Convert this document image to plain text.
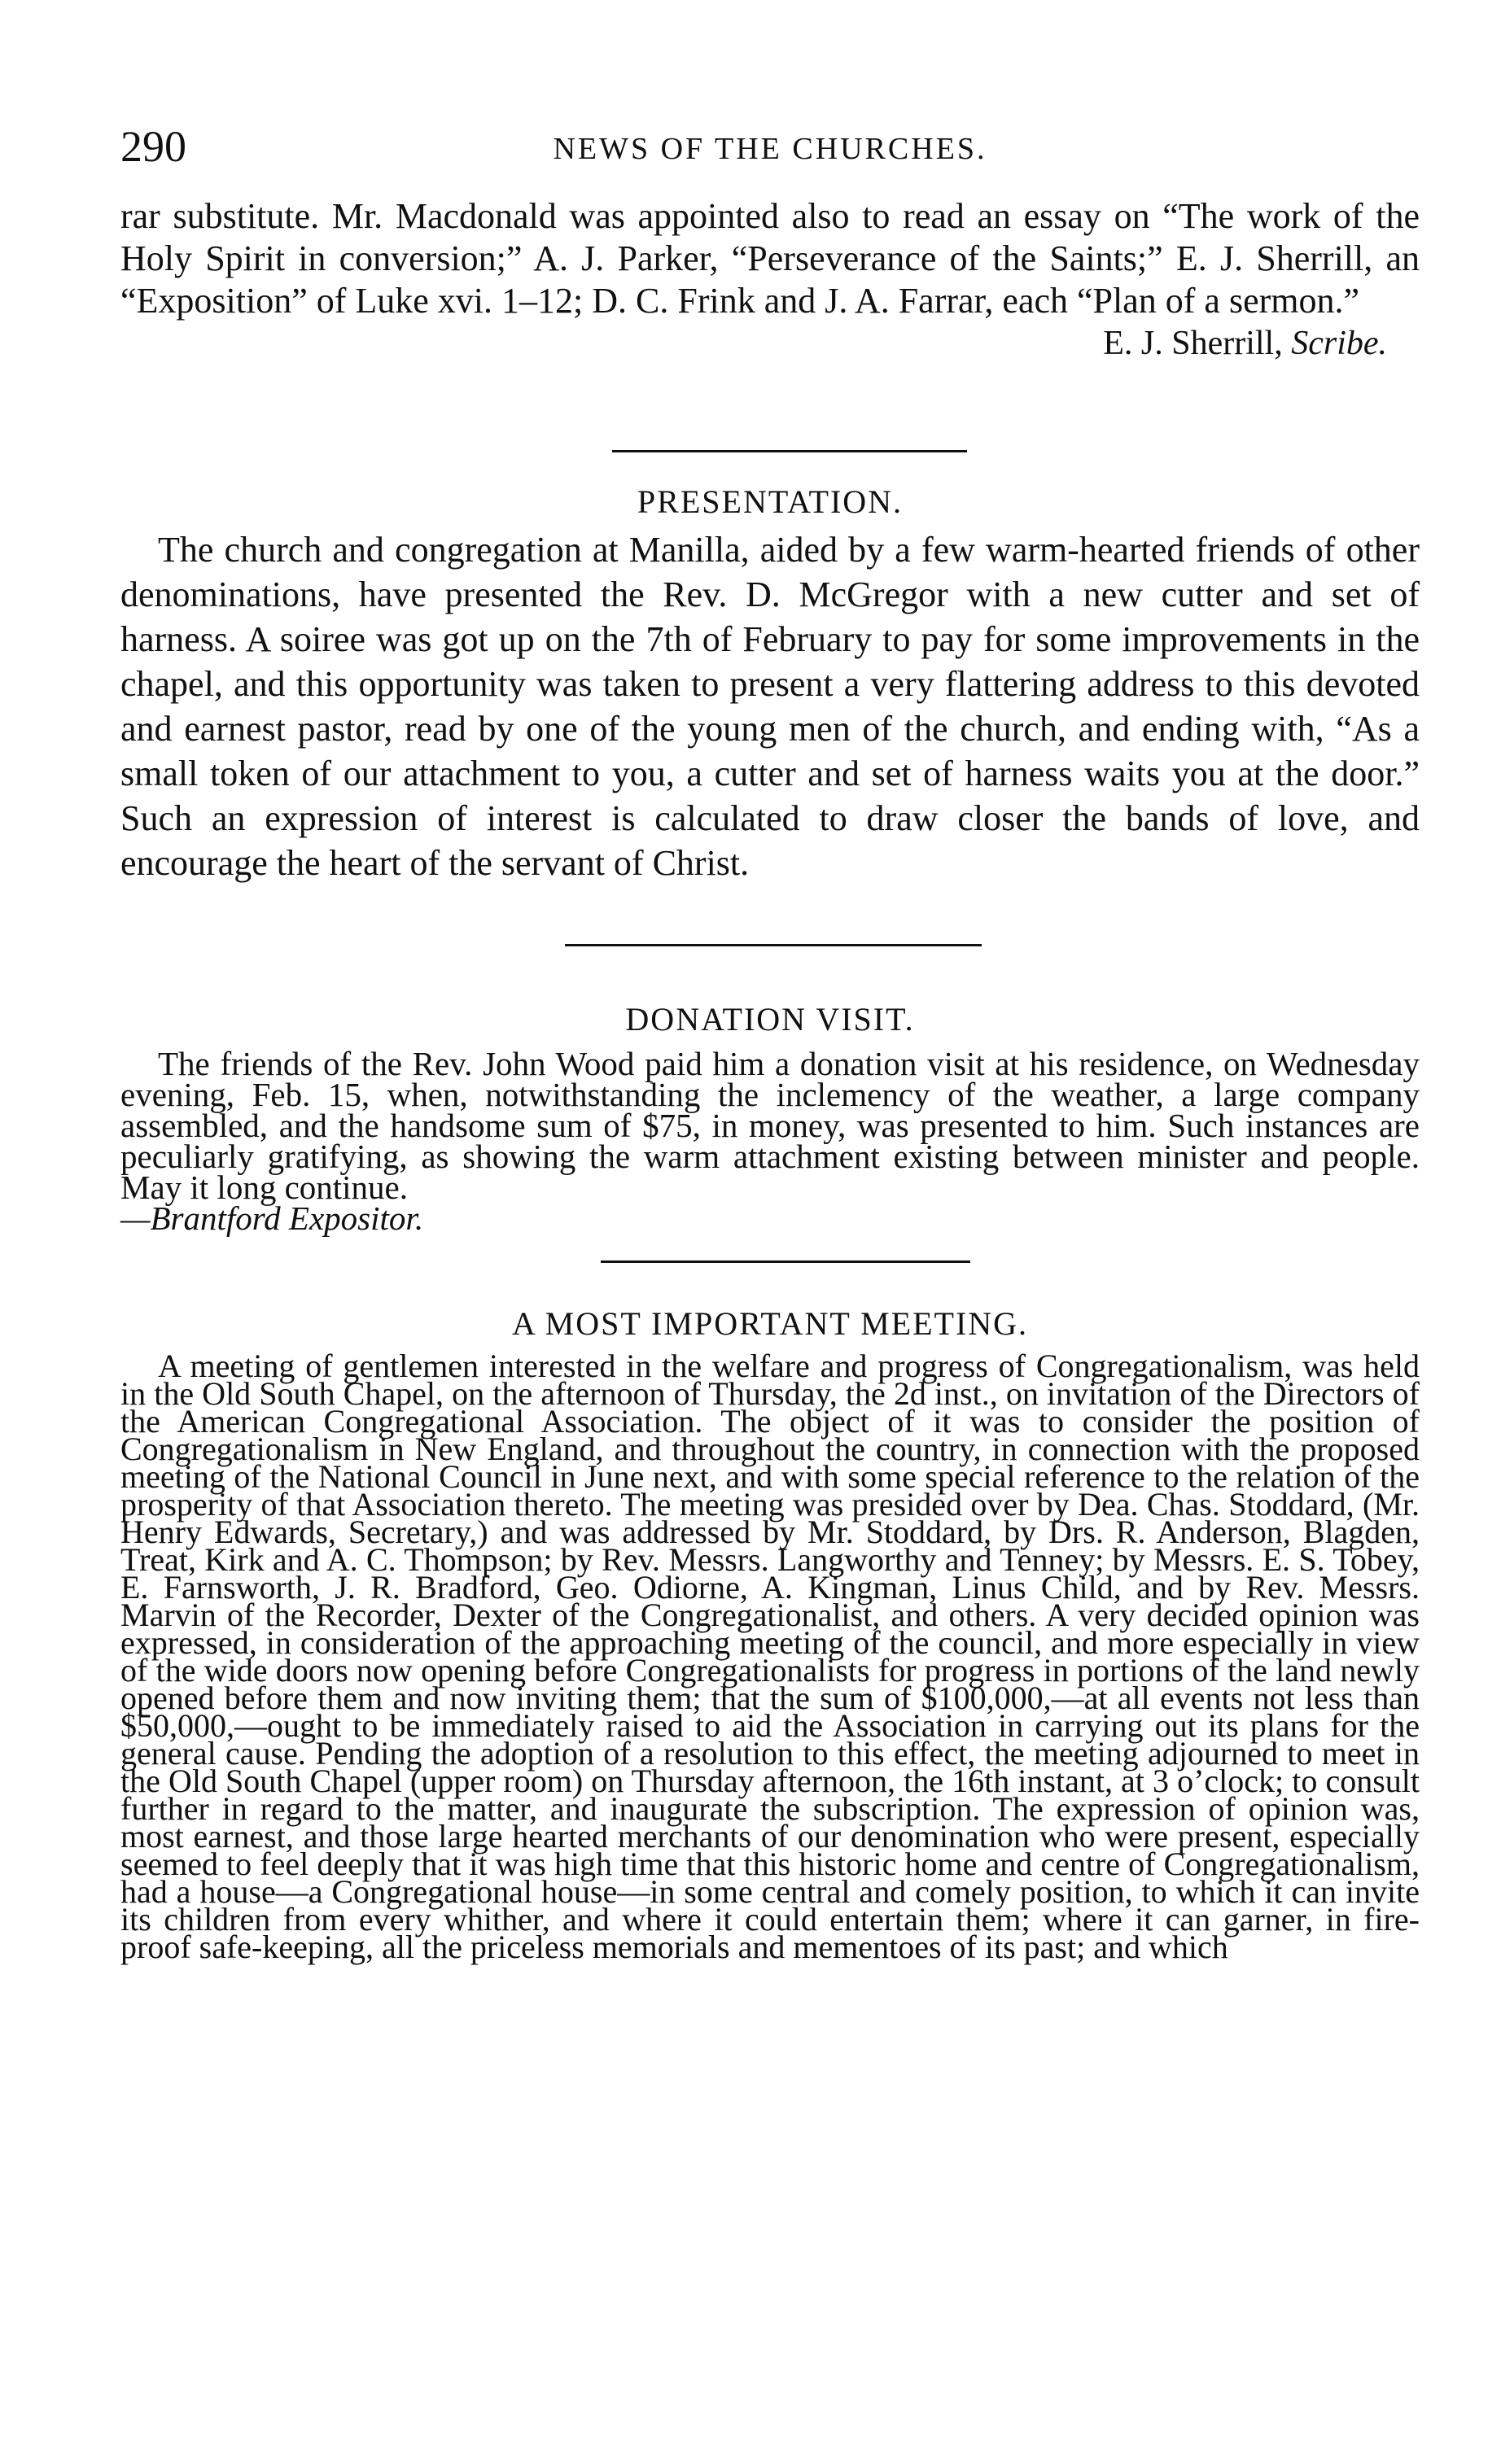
290	NEWS OF THE CHURCHES.

rar substitute. Mr. Macdonald was appointed also to read an essay on “The work of the Holy Spirit in conversion;” A. J. Parker, “Perseverance of the Saints;” E. J. Sherrill, an “Exposition” of Luke xvi. 1–12; D. C. Frink and J. A. Farrar, each “Plan of a sermon.”

E. J. Sherrill, Scribe.
PRESENTATION.

The church and congregation at Manilla, aided by a few warm-hearted friends of other denominations, have presented the Rev. D. McGregor with a new cutter and set of harness. A soiree was got up on the 7th of February to pay for some improvements in the chapel, and this opportunity was taken to present a very flattering address to this devoted and earnest pastor, read by one of the young men of the church, and ending with, “As a small token of our attachment to you, a cutter and set of harness waits you at the door.” Such an expression of interest is calculated to draw closer the bands of love, and encourage the heart of the servant of Christ.

DONATION VISIT.

The friends of the Rev. John Wood paid him a donation visit at his residence, on Wednesday evening, Feb. 15, when, notwithstanding the inclemency of the weather, a large company assembled, and the handsome sum of $75, in money, was presented to him. Such instances are peculiarly gratifying, as showing the warm attachment existing between minister and people. May it long continue.

—Brantford Expositor.

A MOST IMPORTANT MEETING.

A meeting of gentlemen interested in the welfare and progress of Congregationalism, was held in the Old South Chapel, on the afternoon of Thursday, the 2d inst., on invitation of the Directors of the American Congregational Association. The object of it was to consider the position of Congregationalism in New England, and throughout the country, in connection with the proposed meeting of the National Council in June next, and with some special reference to the relation of the prosperity of that Association thereto. The meeting was presided over by Dea. Chas. Stoddard, (Mr. Henry Edwards, Secretary,) and was addressed by Mr. Stoddard, by Drs. R. Anderson, Blagden, Treat, Kirk and A. C. Thompson; by Rev. Messrs. Langworthy and Tenney; by Messrs. E. S. Tobey, E. Farnsworth, J. R. Bradford, Geo. Odiorne, A. Kingman, Linus Child, and by Rev. Messrs. Marvin of the Recorder, Dexter of the Congregationalist, and others. A very decided opinion was expressed, in consideration of the approaching meeting of the council, and more especially in view of the wide doors now opening before Congregationalists for progress in portions of the land newly opened before them and now inviting them; that the sum of $100,000,—at all events not less than $50,000,—ought to be immediately raised to aid the Association in carrying out its plans for the general cause. Pending the adoption of a resolution to this effect, the meeting adjourned to meet in the Old South Chapel (upper room) on Thursday afternoon, the 16th instant, at 3 o’clock; to consult further in regard to the matter, and inaugurate the subscription. The expression of opinion was, most earnest, and those large hearted merchants of our denomination who were present, especially seemed to feel deeply that it was high time that this historic home and centre of Congregationalism, had a house—a Congregational house—in some central and comely position, to which it can invite its children from every whither, and where it could entertain them; where it can garner, in fire-proof safe-keeping, all the priceless memorials and mementoes of its past; and which
